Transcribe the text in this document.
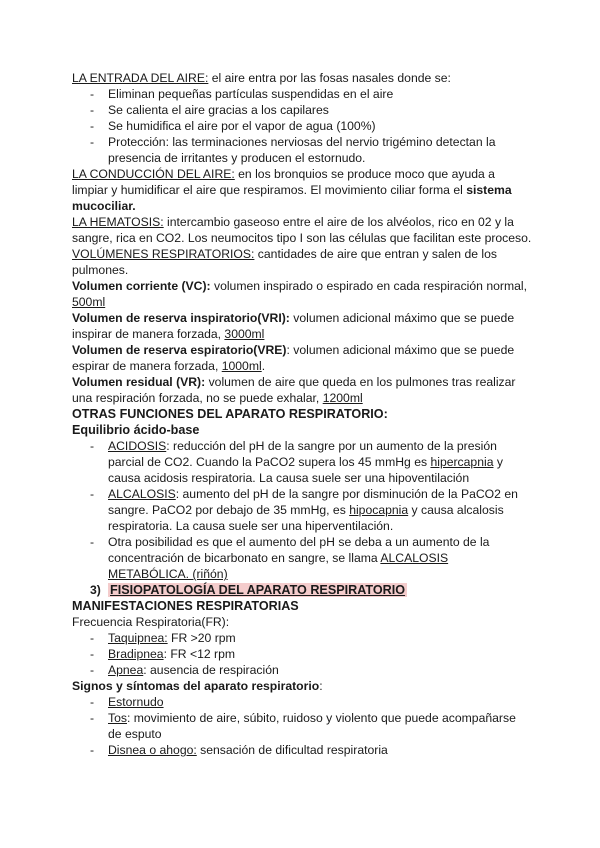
LA ENTRADA DEL AIRE: el aire entra por las fosas nasales donde se:

- Eliminan pequeñas partículas suspendidas en el aire
- Se calienta el aire gracias a los capilares
- Se humidifica el aire por el vapor de agua (100%)
- Protección: las terminaciones nerviosas del nervio trigémino detectan la presencia de irritantes y producen el estornudo.

LA CONDUCCIÓN DEL AIRE: en los bronquios se produce moco que ayuda a limpiar y humidificar el aire que respiramos. El movimiento ciliar forma el sistema mucociliar.

LA HEMATOSIS: intercambio gaseoso entre el aire de los alvéolos, rico en 02 y la sangre, rica en CO2. Los neumocitos tipo I son las células que facilitan este proceso.

VOLÚMENES RESPIRATORIOS: cantidades de aire que entran y salen de los pulmones.

Volumen corriente (VC): volumen inspirado o espirado en cada respiración normal, 500ml

Volumen de reserva inspiratorio(VRI): volumen adicional máximo que se puede inspirar de manera forzada, 3000ml

Volumen de reserva espiratorio(VRE): volumen adicional máximo que se puede espirar de manera forzada, 1000ml.

Volumen residual (VR): volumen de aire que queda en los pulmones tras realizar una respiración forzada, no se puede exhalar, 1200ml

OTRAS FUNCIONES DEL APARATO RESPIRATORIO:

Equilibrio ácido-base

- ACIDOSIS: reducción del pH de la sangre por un aumento de la presión parcial de CO2. Cuando la PaCO2 supera los 45 mmHg es hipercapnia y causa acidosis respiratoria. La causa suele ser una hipoventilación
- ALCALOSIS: aumento del pH de la sangre por disminución de la PaCO2 en sangre. PaCO2 por debajo de 35 mmHg, es hipocapnia y causa alcalosis respiratoria. La causa suele ser una hiperventilación.
- Otra posibilidad es que el aumento del pH se deba a un aumento de la concentración de bicarbonato en sangre, se llama ALCALOSIS METABÓLICA. (riñón)

3) FISIOPATOLOGÍA DEL APARATO RESPIRATORIO

MANIFESTACIONES RESPIRATORIAS

Frecuencia Respiratoria(FR):

- Taquipnea: FR >20 rpm
- Bradipnea: FR <12 rpm
- Apnea: ausencia de respiración

Signos y síntomas del aparato respiratorio:

- Estornudo
- Tos: movimiento de aire, súbito, ruidoso y violento que puede acompañarse de esputo
- Disnea o ahogo: sensación de dificultad respiratoria
